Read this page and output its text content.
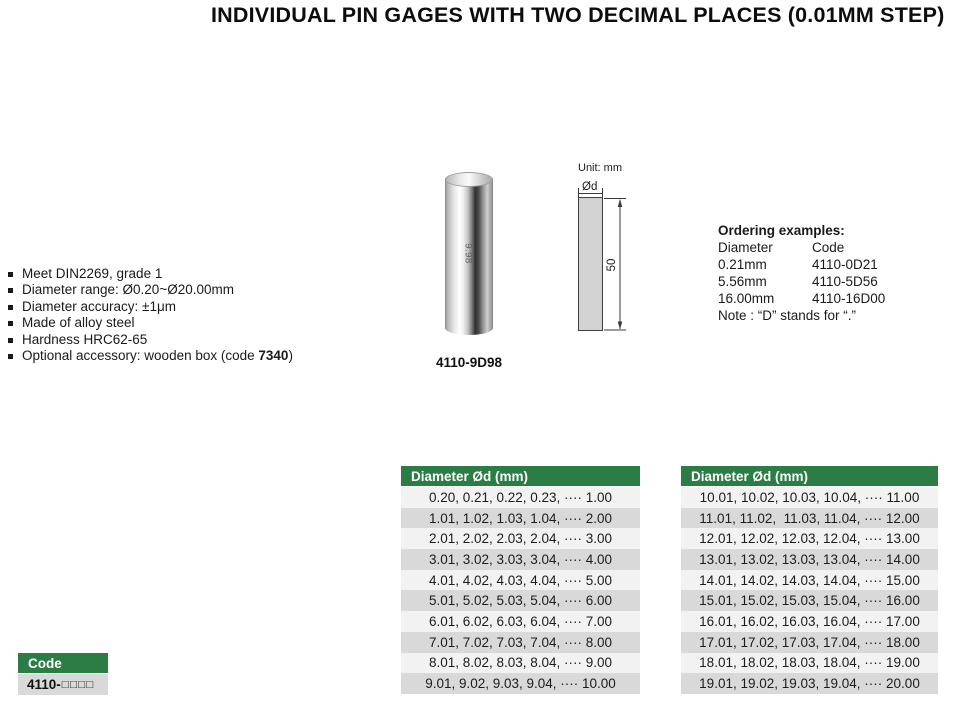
INDIVIDUAL PIN GAGES WITH TWO DECIMAL PLACES (0.01MM STEP)
Meet DIN2269, grade 1
Diameter range: Ø0.20~Ø20.00mm
Diameter accuracy: ±1μm
Made of alloy steel
Hardness HRC62-65
Optional accessory: wooden box (code 7340)
9.98
4110-9D98
Unit: mm
Ød
50
Ordering examples:
Diameter	Code
0.21mm	4110-0D21
5.56mm	4110-5D56
16.00mm	4110-16D00
Note : “D” stands for “.”
Diameter Ød (mm)
0.20, 0.21, 0.22, 0.23, ···· 1.00
1.01, 1.02, 1.03, 1.04, ···· 2.00
2.01, 2.02, 2.03, 2.04, ···· 3.00
3.01, 3.02, 3.03, 3.04, ···· 4.00
4.01, 4.02, 4.03, 4.04, ···· 5.00
5.01, 5.02, 5.03, 5.04, ···· 6.00
6.01, 6.02, 6.03, 6.04, ···· 7.00
7.01, 7.02, 7.03, 7.04, ···· 8.00
8.01, 8.02, 8.03, 8.04, ···· 9.00
9.01, 9.02, 9.03, 9.04, ···· 10.00
Diameter Ød (mm)
10.01, 10.02, 10.03, 10.04, ···· 11.00
11.01, 11.02,  11.03, 11.04, ···· 12.00
12.01, 12.02, 12.03, 12.04, ···· 13.00
13.01, 13.02, 13.03, 13.04, ···· 14.00
14.01, 14.02, 14.03, 14.04, ···· 15.00
15.01, 15.02, 15.03, 15.04, ···· 16.00
16.01, 16.02, 16.03, 16.04, ···· 17.00
17.01, 17.02, 17.03, 17.04, ···· 18.00
18.01, 18.02, 18.03, 18.04, ···· 19.00
19.01, 19.02, 19.03, 19.04, ···· 20.00
Code
4110- □□□□
